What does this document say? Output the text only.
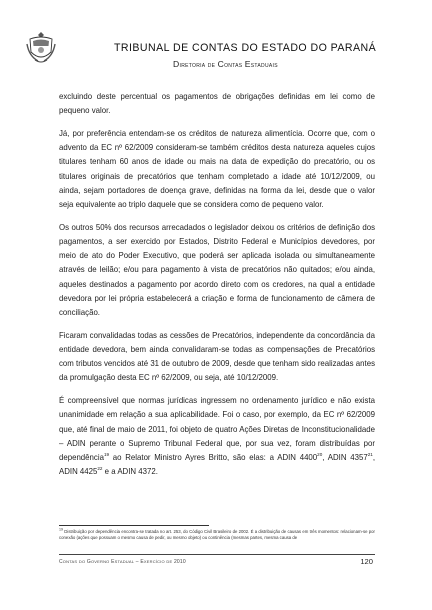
TRIBUNAL DE CONTAS DO ESTADO DO PARANÁ
Diretoria de Contas Estaduais

excluindo deste percentual os pagamentos de obrigações definidas em lei como de pequeno valor.

Já, por preferência entendam-se os créditos de natureza alimentícia. Ocorre que, com o advento da EC nº 62/2009 consideram-se também créditos desta natureza aqueles cujos titulares tenham 60 anos de idade ou mais na data de expedição do precatório, ou os titulares originais de precatórios que tenham completado a idade até 10/12/2009, ou ainda, sejam portadores de doença grave, definidas na forma da lei, desde que o valor seja equivalente ao triplo daquele que se considera como de pequeno valor.

Os outros 50% dos recursos arrecadados o legislador deixou os critérios de definição dos pagamentos, a ser exercido por Estados, Distrito Federal e Municípios devedores, por meio de ato do Poder Executivo, que poderá ser aplicada isolada ou simultaneamente através de leilão; e/ou para pagamento à vista de precatórios não quitados; e/ou ainda, aqueles destinados a pagamento por acordo direto com os credores, na qual a entidade devedora por lei própria estabelecerá a criação e forma de funcionamento de câmera de conciliação.

Ficaram convalidadas todas as cessões de Precatórios, independente da concordância da entidade devedora, bem ainda convalidaram-se todas as compensações de Precatórios com tributos vencidos até 31 de outubro de 2009, desde que tenham sido realizadas antes da promulgação desta EC nº 62/2009, ou seja, até 10/12/2009.

É compreensível que normas jurídicas ingressem no ordenamento jurídico e não exista unanimidade em relação a sua aplicabilidade. Foi o caso, por exemplo, da EC nº 62/2009 que, até final de maio de 2011, foi objeto de quatro Ações Diretas de Inconstitucionalidade – ADIN perante o Supremo Tribunal Federal que, por sua vez, foram distribuídas por dependência$^{19}$ ao Relator Ministro Ayres Britto, são elas: a ADIN 4400$^{20}$, ADIN 4357$^{21}$, ADIN 4425$^{22}$ e a ADIN 4372.

$^{19}$ Distribuição por dependência encontra-se tratada no art. 253, do Código Civil Brasileiro de 2002. É a distribuição de causas em três momentos: relacionam-se por conexão (ações que possuam o mesmo causa de pedir, ou mesmo objeto) ou continência (mesmas partes, mesma causa de
Contas do Governo Estadual – Exercício de 2010	120
